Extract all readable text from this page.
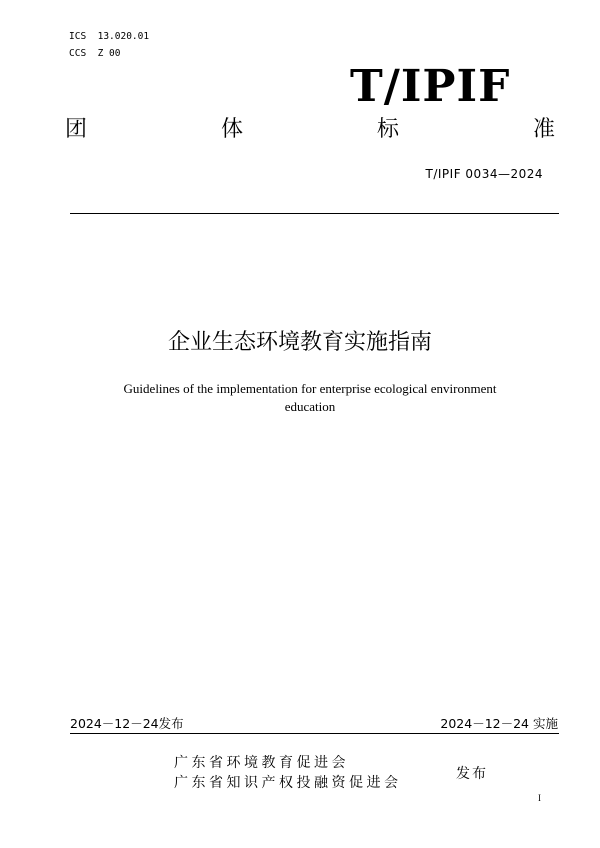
ICS  13.020.01
CCS  Z 00
T/IPIF
团	体	标	准
T/IPIF 0034—2024
企业生态环境教育实施指南
Guidelines of the implementation for enterprise ecological environment education
2024－12－24发布	2024－12－24 实施
广东省环境教育促进会
广东省知识产权投融资促进会
发布
I
